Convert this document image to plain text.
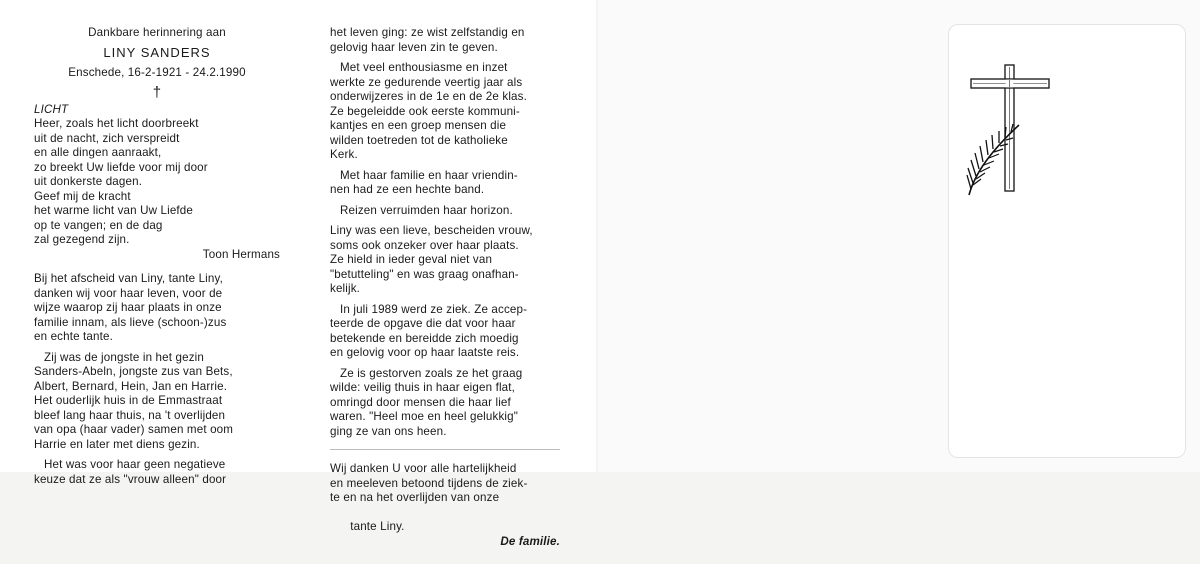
Dankbare herinnering aan
LINY SANDERS
Enschede, 16-2-1921 - 24.2.1990
†
LICHT
Heer, zoals het licht doorbreekt
uit de nacht, zich verspreidt
en alle dingen aanraakt,
zo breekt Uw liefde voor mij door
uit donkerste dagen.
Geef mij de kracht
het warme licht van Uw Liefde
op te vangen; en de dag
zal gezegend zijn.
Toon Hermans
Bij het afscheid van Liny, tante Liny,
danken wij voor haar leven, voor de
wijze waarop zij haar plaats in onze
familie innam, als lieve (schoon-)zus
en echte tante.
Zij was de jongste in het gezin
Sanders-Abeln, jongste zus van Bets,
Albert, Bernard, Hein, Jan en Harrie.
Het ouderlijk huis in de Emmastraat
bleef lang haar thuis, na 't overlijden
van opa (haar vader) samen met oom
Harrie en later met diens gezin.
Het was voor haar geen negatieve
keuze dat ze als "vrouw alleen" door
het leven ging: ze wist zelfstandig en
gelovig haar leven zin te geven.
Met veel enthousiasme en inzet
werkte ze gedurende veertig jaar als
onderwijzeres in de 1e en de 2e klas.
Ze begeleidde ook eerste kommuni-
kantjes en een groep mensen die
wilden toetreden tot de katholieke
Kerk.
Met haar familie en haar vriendin-
nen had ze een hechte band.
Reizen verruimden haar horizon.
Liny was een lieve, bescheiden vrouw,
soms ook onzeker over haar plaats.
Ze hield in ieder geval niet van
"betutteling" en was graag onafhan-
kelijk.
In juli 1989 werd ze ziek. Ze accep-
teerde de opgave die dat voor haar
betekende en bereidde zich moedig
en gelovig voor op haar laatste reis.
Ze is gestorven zoals ze het graag
wilde: veilig thuis in haar eigen flat,
omringd door mensen die haar lief
waren. "Heel moe en heel gelukkig"
ging ze van ons heen.
Wij danken U voor alle hartelijkheid
en meeleven betoond tijdens de ziek-
te en na het overlijden van onze

tante Liny.

De familie.
